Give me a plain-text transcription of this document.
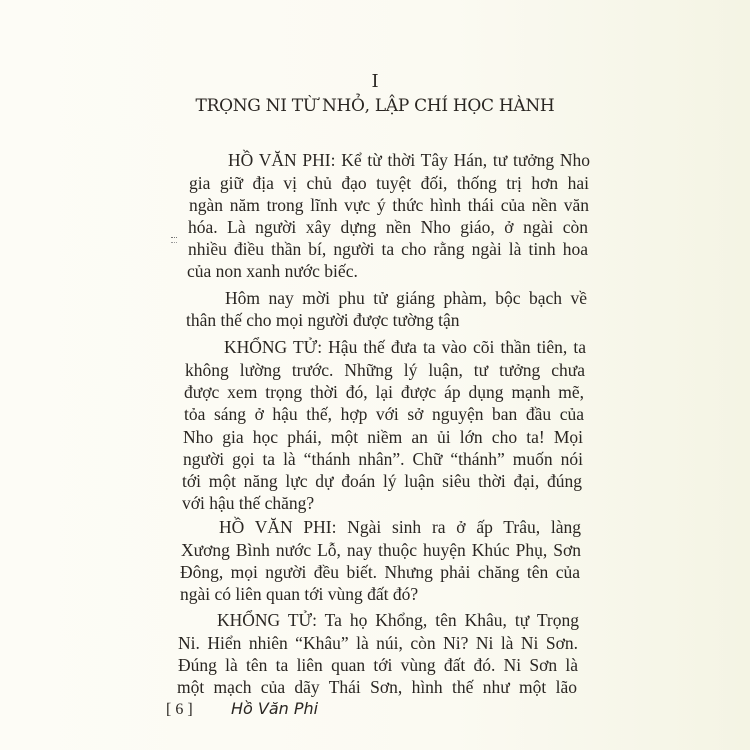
I
TRỌNG NI TỪ NHỎ, LẬP CHÍ HỌC HÀNH
HỒ VĂN PHI: Kể từ thời Tây Hán, tư tưởng Nho
gia giữ địa vị chủ đạo tuyệt đối, thống trị hơn hai
ngàn năm trong lĩnh vực ý thức hình thái của nền văn
hóa. Là người xây dựng nền Nho giáo, ở ngài còn
nhiều điều thần bí, người ta cho rằng ngài là tinh hoa
của non xanh nước biếc.
Hôm nay mời phu tử giáng phàm, bộc bạch về
thân thế cho mọi người được tường tận
KHỔNG TỬ: Hậu thế đưa ta vào cõi thần tiên, ta
không lường trước. Những lý luận, tư tưởng chưa
được xem trọng thời đó, lại được áp dụng mạnh mẽ,
tỏa sáng ở hậu thế, hợp với sở nguyện ban đầu của
Nho gia học phái, một niềm an ủi lớn cho ta! Mọi
người gọi ta là “thánh nhân”. Chữ “thánh” muốn nói
tới một năng lực dự đoán lý luận siêu thời đại, đúng
với hậu thế chăng?
HỒ VĂN PHI: Ngài sinh ra ở ấp Trâu, làng
Xương Bình nước Lỗ, nay thuộc huyện Khúc Phụ, Sơn
Đông, mọi người đều biết. Nhưng phải chăng tên của
ngài có liên quan tới vùng đất đó?
KHỔNG TỬ: Ta họ Khổng, tên Khâu, tự Trọng
Ni. Hiển nhiên “Khâu” là núi, còn Ni? Ni là Ni Sơn.
Đúng là tên ta liên quan tới vùng đất đó. Ni Sơn là
một mạch của dãy Thái Sơn, hình thế như một lão
[ 6 ] Hồ Văn Phi
